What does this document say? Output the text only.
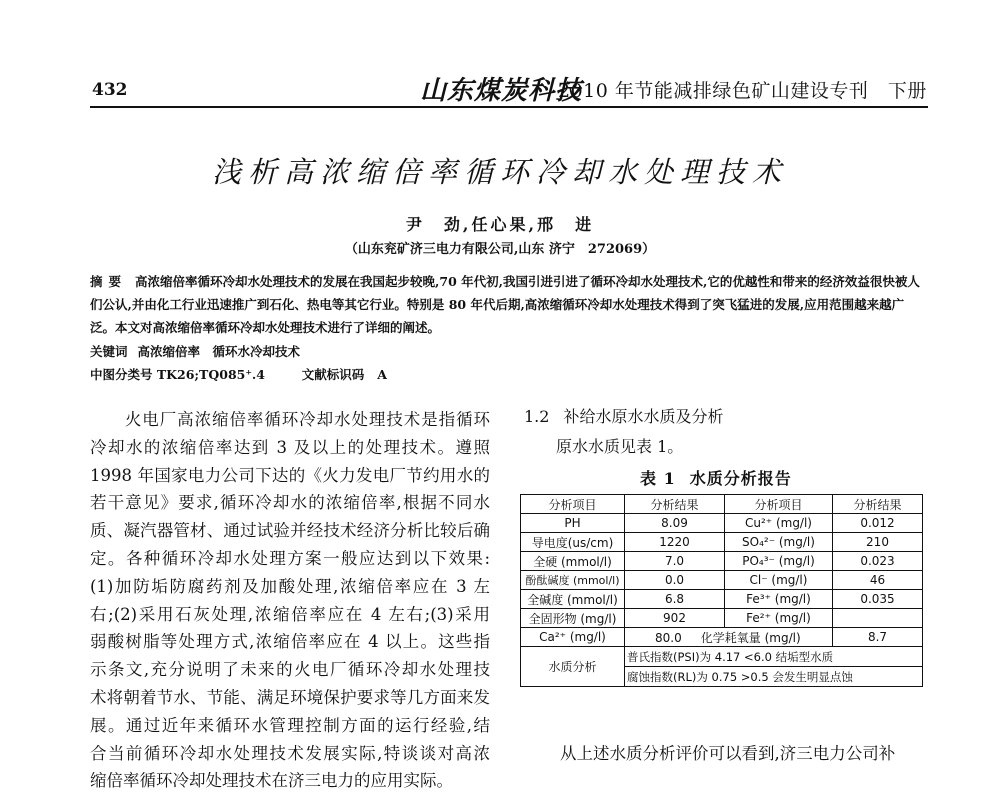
432	山东煤炭科技
2010 年节能减排绿色矿山建设专刊　下册
浅析高浓缩倍率循环冷却水处理技术
尹　劲,任心果,邢　进
（山东兖矿济三电力有限公司,山东 济宁　272069）
摘要 高浓缩倍率循环冷却水处理技术的发展在我国起步较晚,70 年代初,我国引进引进了循环冷却水处理技术,它的优越性和带来的经济效益很快被人们公认,并由化工行业迅速推广到石化、热电等其它行业。特别是 80 年代后期,高浓缩循环冷却水处理技术得到了突飞猛进的发展,应用范围越来越广泛。本文对高浓缩倍率循环冷却水处理技术进行了详细的阐述。
关键词 高浓缩倍率　循环水冷却技术
中图分类号 TK26;TQ085⁺.4	文献标识码 A
　　火电厂高浓缩倍率循环冷却水处理技术是指循环
冷却水的浓缩倍率达到 3 及以上的处理技术。遵照
1998 年国家电力公司下达的《火力发电厂节约用水的
若干意见》要求,循环冷却水的浓缩倍率,根据不同水
质、凝汽器管材、通过试验并经技术经济分析比较后确
定。各种循环冷却水处理方案一般应达到以下效果:
(1)加防垢防腐药剂及加酸处理,浓缩倍率应在 3 左
右;(2)采用石灰处理,浓缩倍率应在 4 左右;(3)采用
弱酸树脂等处理方式,浓缩倍率应在 4 以上。这些指
示条文,充分说明了未来的火电厂循环冷却水处理技
术将朝着节水、节能、满足环境保护要求等几方面来发
展。通过近年来循环水管理控制方面的运行经验,结
合当前循环冷却水处理技术发展实际,特谈谈对高浓
缩倍率循环冷却处理技术在济三电力的应用实际。
1.2 补给水原水水质及分析
原水水质见表 1。
表 1 水质分析报告
分析项目	分析结果	分析项目	分析结果
PH	8.09	Cu²⁺ (mg/l)	0.012
导电度(us/cm)	1220	SO₄²⁻ (mg/l)	210
全硬 (mmol/l)	7.0	PO₄³⁻ (mg/l)	0.023
酚酞碱度 (mmol/l)	0.0	Cl⁻ (mg/l)	46
全碱度 (mmol/l)	6.8	Fe³⁺ (mg/l)	0.035
全固形物 (mg/l)	902	Fe²⁺ (mg/l)	
Ca²⁺ (mg/l)	80.0 化学耗氧量 (mg/l)		8.7
水质分析	普氏指数(PSI)为 4.17 <6.0 结垢型水质		
	腐蚀指数(RL)为 0.75 >0.5 会发生明显点蚀		
从上述水质分析评价可以看到,济三电力公司补
